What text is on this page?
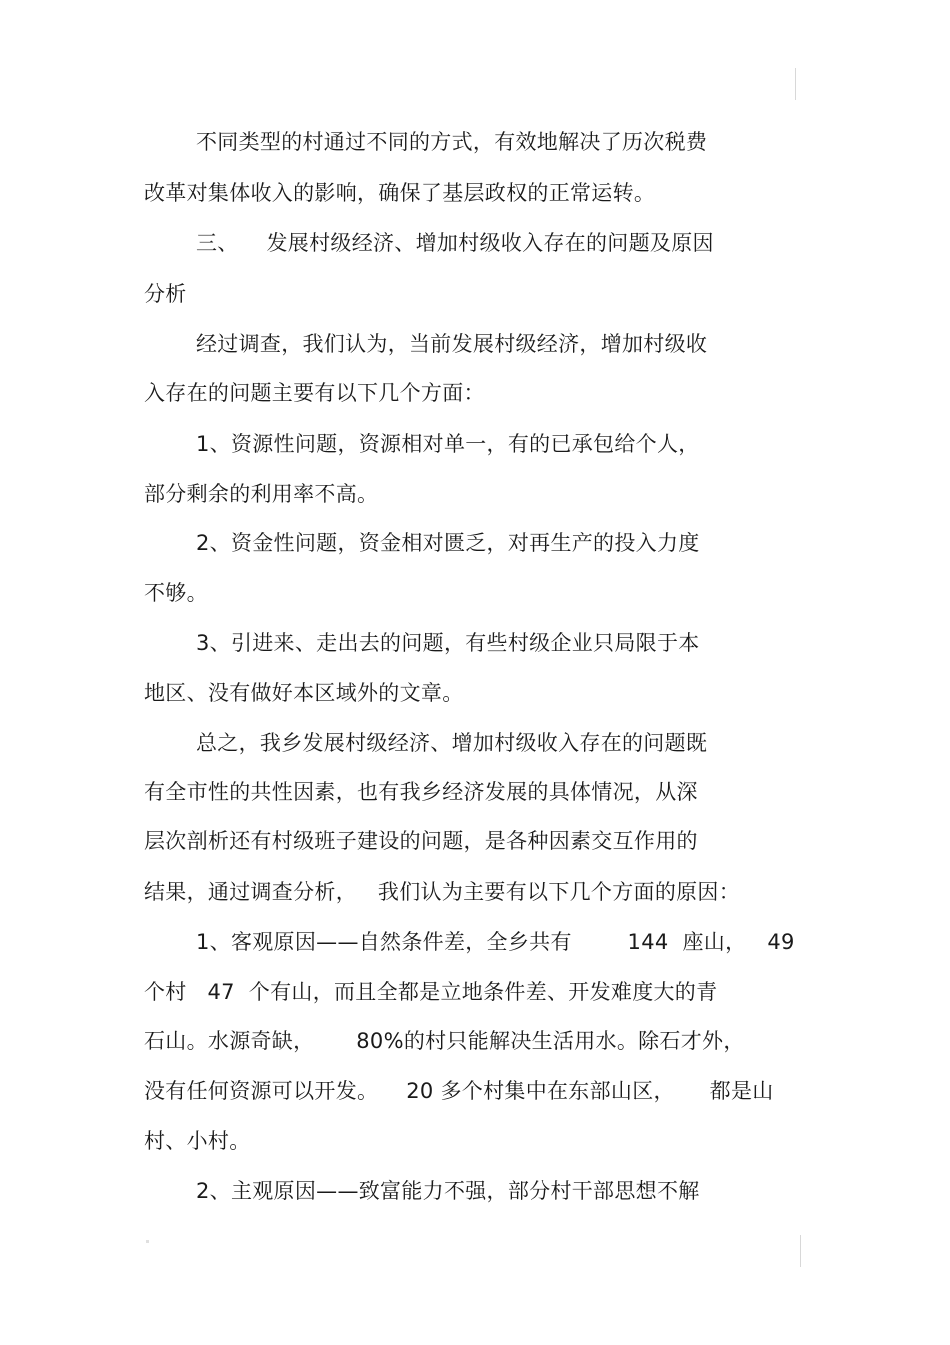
不同类型的村通过不同的方式，有效地解决了历次税费
改革对集体收入的影响，确保了基层政权的正常运转。
三、    发展村级经济、增加村级收入存在的问题及原因
分析
经过调查，我们认为，当前发展村级经济，增加村级收
入存在的问题主要有以下几个方面：
1、资源性问题，资源相对单一，有的已承包给个人，
部分剩余的利用率不高。
2、资金性问题，资金相对匮乏，对再生产的投入力度
不够。
3、引进来、走出去的问题，有些村级企业只局限于本
地区、没有做好本区域外的文章。
总之，我乡发展村级经济、增加村级收入存在的问题既
有全市性的共性因素，也有我乡经济发展的具体情况，从深
层次剖析还有村级班子建设的问题，是各种因素交互作用的
结果，通过调查分析，   我们认为主要有以下几个方面的原因：
1、客观原因——自然条件差，全乡共有        144  座山，   49
个村   47  个有山，而且全都是立地条件差、开发难度大的青
石山。水源奇缺，      80%的村只能解决生活用水。除石才外，
没有任何资源可以开发。    20 多个村集中在东部山区，     都是山
村、小村。
2、主观原因——致富能力不强，部分村干部思想不解
